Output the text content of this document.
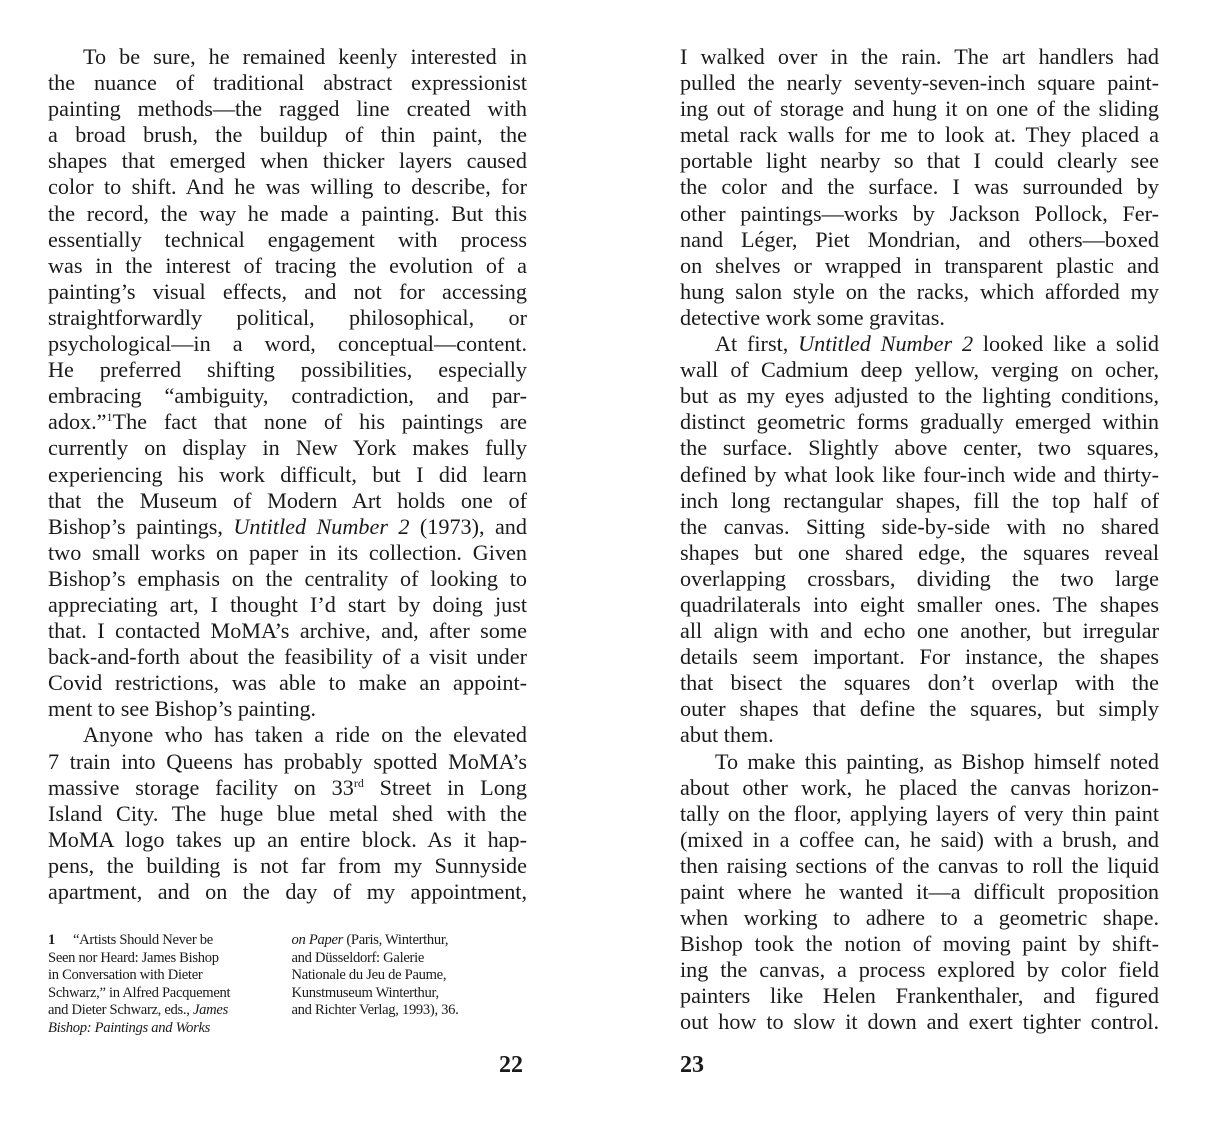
To be sure, he remained keenly interested in
the nuance of traditional abstract expressionist
painting methods—the ragged line created with
a broad brush, the buildup of thin paint, the
shapes that emerged when thicker layers caused
color to shift. And he was willing to describe, for
the record, the way he made a painting. But this
essentially technical engagement with process
was in the interest of tracing the evolution of a
painting’s visual effects, and not for accessing
straightforwardly political, philosophical, or
psychological—in a word, conceptual—content.
He preferred shifting possibilities, especially
embracing “ambiguity, contradiction, and par-
adox.”$^1$The fact that none of his paintings are
currently on display in New York makes fully
experiencing his work difficult, but I did learn
that the Museum of Modern Art holds one of
Bishop’s paintings, Untitled Number 2 (1973), and
two small works on paper in its collection. Given
Bishop’s emphasis on the centrality of looking to
appreciating art, I thought I’d start by doing just
that. I contacted MoMA’s archive, and, after some
back-and-forth about the feasibility of a visit under
Covid restrictions, was able to make an appoint-
ment to see Bishop’s painting.
Anyone who has taken a ride on the elevated
7 train into Queens has probably spotted MoMA’s
massive storage facility on 33rd Street in Long
Island City. The huge blue metal shed with the
MoMA logo takes up an entire block. As it hap-
pens, the building is not far from my Sunnyside
apartment, and on the day of my appointment,
1 “Artists Should Never be
Seen nor Heard: James Bishop
in Conversation with Dieter
Schwarz,” in Alfred Pacquement
and Dieter Schwarz, eds., James
Bishop: Paintings and Works
on Paper (Paris, Winterthur,
and Düsseldorf: Galerie
Nationale du Jeu de Paume,
Kunstmuseum Winterthur,
and Richter Verlag, 1993), 36.
22
I walked over in the rain. The art handlers had
pulled the nearly seventy-seven-inch square paint-
ing out of storage and hung it on one of the sliding
metal rack walls for me to look at. They placed a
portable light nearby so that I could clearly see
the color and the surface. I was surrounded by
other paintings—works by Jackson Pollock, Fer-
nand Léger, Piet Mondrian, and others—boxed
on shelves or wrapped in transparent plastic and
hung salon style on the racks, which afforded my
detective work some gravitas.
At first, Untitled Number 2 looked like a solid
wall of Cadmium deep yellow, verging on ocher,
but as my eyes adjusted to the lighting conditions,
distinct geometric forms gradually emerged within
the surface. Slightly above center, two squares,
defined by what look like four-inch wide and thirty-
inch long rectangular shapes, fill the top half of
the canvas. Sitting side-by-side with no shared
shapes but one shared edge, the squares reveal
overlapping crossbars, dividing the two large
quadrilaterals into eight smaller ones. The shapes
all align with and echo one another, but irregular
details seem important. For instance, the shapes
that bisect the squares don’t overlap with the
outer shapes that define the squares, but simply
abut them.
To make this painting, as Bishop himself noted
about other work, he placed the canvas horizon-
tally on the floor, applying layers of very thin paint
(mixed in a coffee can, he said) with a brush, and
then raising sections of the canvas to roll the liquid
paint where he wanted it—a difficult proposition
when working to adhere to a geometric shape.
Bishop took the notion of moving paint by shift-
ing the canvas, a process explored by color field
painters like Helen Frankenthaler, and figured
out how to slow it down and exert tighter control.
23
